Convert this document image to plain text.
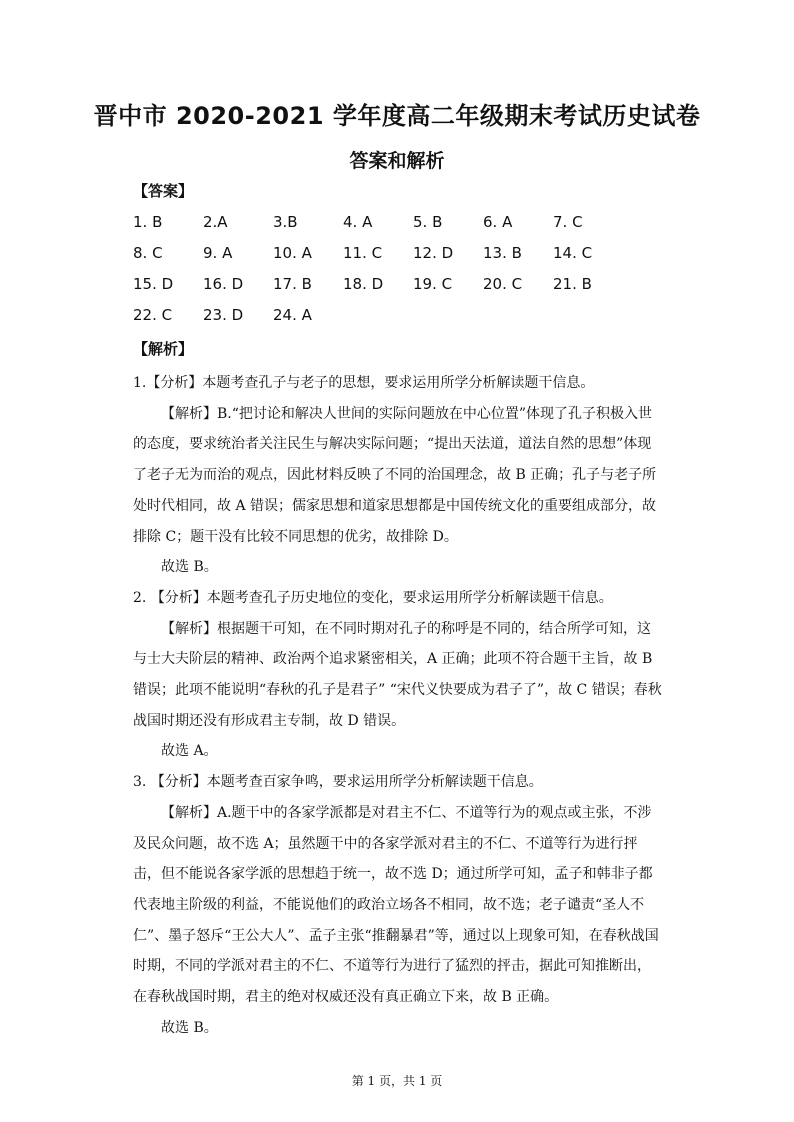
晋中市 2020-2021 学年度高二年级期末考试历史试卷
答案和解析
【答案】
1. B	2.A	3.B	4. A	5. B	6. A	7. C
8. C	9. A	10. A	11. C	12. D	13. B	14. C
15. D	16. D	17. B	18. D	19. C	20. C	21. B
22. C	23. D	24. A
【解析】

1.【分析】本题考查孔子与老子的思想，要求运用所学分析解读题干信息。

【解析】B.“把讨论和解决人世间的实际问题放在中心位置”体现了孔子积极入世的态度，要求统治者关注民生与解决实际问题；“提出天法道，道法自然的思想”体现了老子无为而治的观点，因此材料反映了不同的治国理念，故 B 正确；孔子与老子所处时代相同，故 A 错误；儒家思想和道家思想都是中国传统文化的重要组成部分，故排除 C；题干没有比较不同思想的优劣，故排除 D。

故选 B。

2. 【分析】本题考查孔子历史地位的变化，要求运用所学分析解读题干信息。

【解析】根据题干可知，在不同时期对孔子的称呼是不同的，结合所学可知，这与士大夫阶层的精神、政治两个追求紧密相关，A 正确；此项不符合题干主旨，故 B 错误；此项不能说明“春秋的孔子是君子” “宋代义快要成为君子了”，故 C 错误；春秋战国时期还没有形成君主专制，故 D 错误。

故选 A。

3. 【分析】本题考查百家争鸣，要求运用所学分析解读题干信息。

【解析】A.题干中的各家学派都是对君主不仁、不道等行为的观点或主张，不涉及民众问题，故不选 A；虽然题干中的各家学派对君主的不仁、不道等行为进行抨击，但不能说各家学派的思想趋于统一，故不选 D；通过所学可知，孟子和韩非子都代表地主阶级的利益，不能说他们的政治立场各不相同，故不选；老子谴责“圣人不仁”、墨子怒斥“王公大人”、孟子主张“推翻暴君”等，通过以上现象可知，在春秋战国时期，不同的学派对君主的不仁、不道等行为进行了猛烈的抨击，据此可知推断出，在春秋战国时期，君主的绝对权威还没有真正确立下来，故 B 正确。

故选 B。

第 1 页，共 1 页
